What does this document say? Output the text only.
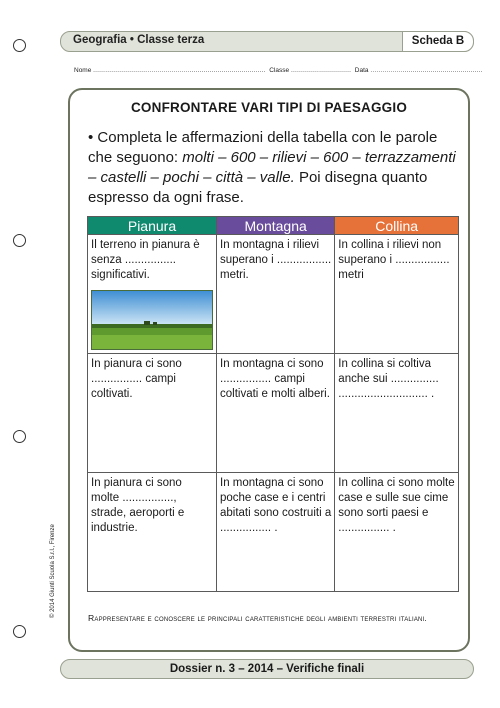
Geografia • Classe terza	Scheda B
Nome ...................................................................................... Classe .............................. Data ........................................................
CONFRONTARE VARI TIPI DI PAESAGGIO
• Completa le affermazioni della tabella con le parole che seguono: molti – 600 – rilievi – 600 – terrazzamenti – castelli – pochi – città – valle. Poi disegna quanto espresso da ogni frase.
Pianura	Montagna	Collina
Il terreno in pianura è senza ................ significativi.	In montagna i rilievi superano i ................. metri.	In collina i rilievi non superano i ................. metri
In pianura ci sono ................ campi coltivati.	In montagna ci sono ................ campi coltivati e molti alberi.	In collina si coltiva anche sui ............... ............................ .
In pianura ci sono molte ................, strade, aeroporti e industrie.	In montagna ci sono poche case e i centri abitati sono costruiti a ................ .	In collina ci sono molte case e sulle sue cime sono sorti paesi e ................ .
Rappresentare e conoscere le principali caratteristiche degli ambienti terrestri italiani.
© 2014 Giunti Scuola S.r.l., Firenze
Dossier n. 3 – 2014 – Verifiche finali
